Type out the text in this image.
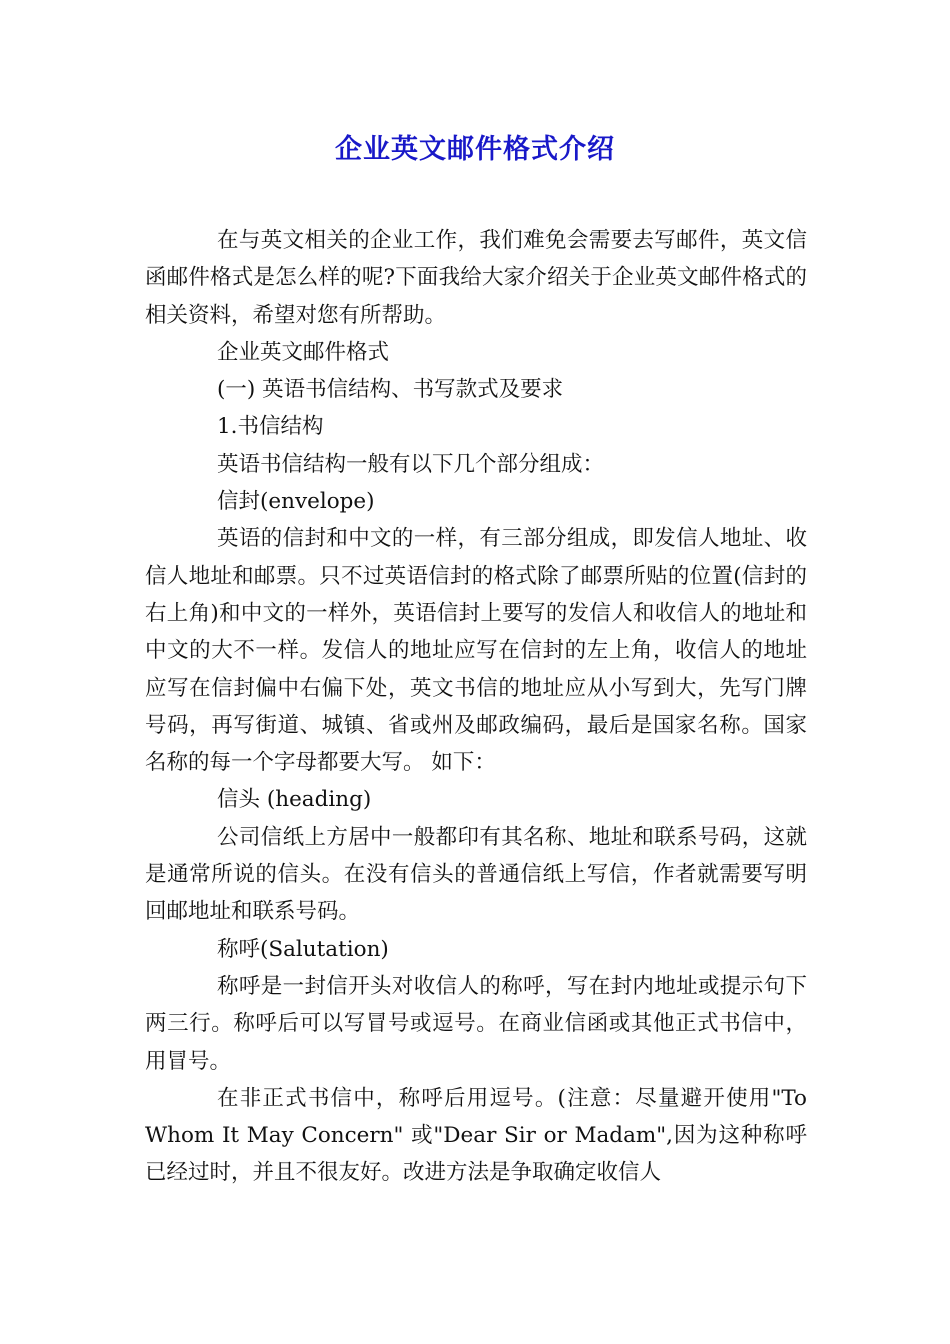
企业英文邮件格式介绍

在与英文相关的企业工作，我们难免会需要去写邮件，英文信函邮件格式是怎么样的呢?下面我给大家介绍关于企业英文邮件格式的相关资料，希望对您有所帮助。

企业英文邮件格式

(一) 英语书信结构、书写款式及要求

1.书信结构

英语书信结构一般有以下几个部分组成：

信封(envelope)

英语的信封和中文的一样，有三部分组成，即发信人地址、收信人地址和邮票。只不过英语信封的格式除了邮票所贴的位置(信封的右上角)和中文的一样外，英语信封上要写的发信人和收信人的地址和中文的大不一样。发信人的地址应写在信封的左上角，收信人的地址应写在信封偏中右偏下处，英文书信的地址应从小写到大，先写门牌号码，再写街道、城镇、省或州及邮政编码，最后是国家名称。国家名称的每一个字母都要大写。 如下：

信头 (heading)

公司信纸上方居中一般都印有其名称、地址和联系号码，这就是通常所说的信头。在没有信头的普通信纸上写信，作者就需要写明回邮地址和联系号码。

称呼(Salutation)

称呼是一封信开头对收信人的称呼，写在封内地址或提示句下两三行。称呼后可以写冒号或逗号。在商业信函或其他正式书信中，用冒号。

在非正式书信中，称呼后用逗号。(注意：尽量避开使用"To Whom It May Concern" 或"Dear Sir or Madam",因为这种称呼已经过时，并且不很友好。改进方法是争取确定收信人
